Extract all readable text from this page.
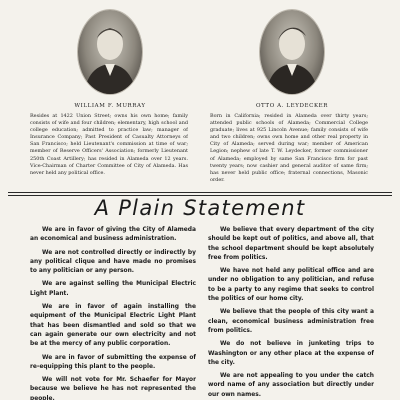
WILLIAM F. MURRAY	OTTO A. LEYDECKER
Resides at 1422 Union Street; owns his own home; family consists of wife and four children; elementary, high school and college education; admitted to practice law; manager of Insurance Company; Past President of Casualty Attorneys of San Francisco; held Lieutenant's commission at time of war; member of Reserve Officers' Association; formerly Lieutenant 250th Coast Artillery; has resided in Alameda over 12 years. Vice-Chairman of Charter Committee of City of Alameda. Has never held any political office.
Born in California; resided in Alameda over thirty years; attended public schools of Alameda; Commercial College graduate; lives at 925 Lincoln Avenue; family consists of wife and two children; owns own home and other real property in City of Alameda; served during war; member of American Legion; nephew of late T. W. Leydecker, former commissioner of Alameda; employed by same San Francisco firm for past twenty years; now cashier and general auditor of same firm; has never held public office; fraternal connections, Masonic order.
A Plain Statement

We are in favor of giving the City of Alameda an economical and business administration.

We are not controlled directly or indirectly by any political clique and have made no promises to any politician or any person.

We are against selling the Municipal Electric Light Plant.

We are in favor of again installing the equipment of the Municipal Electric Light Plant that has been dismantled and sold so that we can again generate our own electricity and not be at the mercy of any public corporation.

We are in favor of submitting the expense of re-equipping this plant to the people.

We will not vote for Mr. Schaefer for Mayor because we believe he has not represented the people.

We believe that every department of the city should be kept out of politics, and above all, that the school department should be kept absolutely free from politics.

We have not held any political office and are under no obligation to any politician, and refuse to be a party to any regime that seeks to control the politics of our home city.

We believe that the people of this city want a clean, economical business administration free from politics.

We do not believe in junketing trips to Washington or any other place at the expense of the city.

We are not appealing to you under the catch word name of any association but directly under our own names.
